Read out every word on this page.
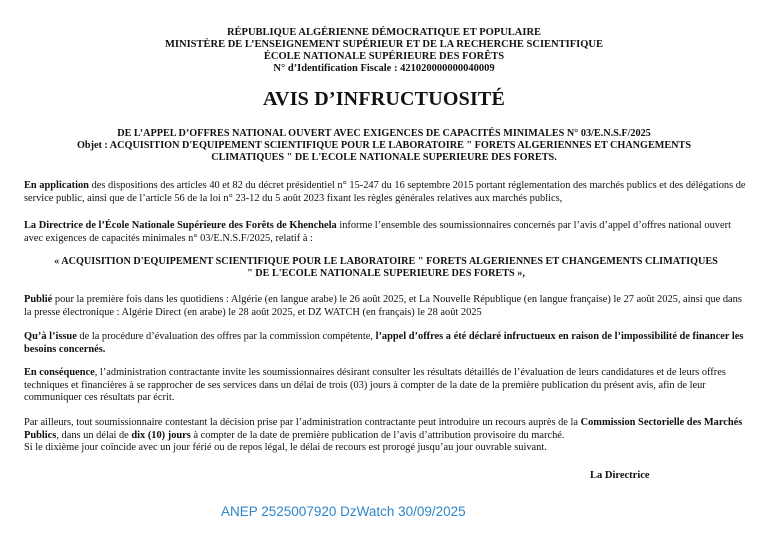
RÉPUBLIQUE ALGÉRIENNE DÉMOCRATIQUE ET POPULAIRE
MINISTÈRE DE L’ENSEIGNEMENT SUPÉRIEUR ET DE LA RECHERCHE SCIENTIFIQUE
ÉCOLE NATIONALE SUPÉRIEURE DES FORÊTS
N° d’Identification Fiscale : 421020000000040009
AVIS D’INFRUCTUOSITÉ
DE L’APPEL D’OFFRES NATIONAL OUVERT AVEC EXIGENCES DE CAPACITÉS MINIMALES N° 03/E.N.S.F/2025
Objet : ACQUISITION D'EQUIPEMENT SCIENTIFIQUE POUR LE LABORATOIRE " FORETS ALGERIENNES ET CHANGEMENTS
CLIMATIQUES " DE L'ECOLE NATIONALE SUPERIEURE DES FORETS.
En application des dispositions des articles 40 et 82 du décret présidentiel n° 15-247 du 16 septembre 2015 portant réglementation des marchés publics et des délégations de service public, ainsi que de l’article 56 de la loi n° 23-12 du 5 août 2023 fixant les règles générales relatives aux marchés publics,
La Directrice de l’École Nationale Supérieure des Forêts de Khenchela informe l’ensemble des soumissionnaires concernés par l’avis d’appel d’offres national ouvert avec exigences de capacités minimales n° 03/E.N.S.F/2025, relatif à :
« ACQUISITION D'EQUIPEMENT SCIENTIFIQUE POUR LE LABORATOIRE " FORETS ALGERIENNES ET CHANGEMENTS CLIMATIQUES
" DE L'ECOLE NATIONALE SUPERIEURE DES FORETS »,
Publié pour la première fois dans les quotidiens : Algérie (en langue arabe) le 26 août 2025, et La Nouvelle République (en langue française) le 27 août 2025, ainsi que dans la presse électronique : Algérie Direct (en arabe) le 28 août 2025, et DZ WATCH (en français) le 28 août 2025
Qu’à l’issue de la procédure d’évaluation des offres par la commission compétente, l’appel d’offres a été déclaré infructueux en raison de l’impossibilité de financer les besoins concernés.
En conséquence, l’administration contractante invite les soumissionnaires désirant consulter les résultats détaillés de l’évaluation de leurs candidatures et de leurs offres techniques et financières à se rapprocher de ses services dans un délai de trois (03) jours à compter de la date de la première publication du présent avis, afin de leur communiquer ces résultats par écrit.
Par ailleurs, tout soumissionnaire contestant la décision prise par l’administration contractante peut introduire un recours auprès de la Commission Sectorielle des Marchés Publics, dans un délai de dix (10) jours à compter de la date de première publication de l’avis d’attribution provisoire du marché.
Si le dixième jour coïncide avec un jour férié ou de repos légal, le délai de recours est prorogé jusqu’au jour ouvrable suivant.
La Directrice
ANEP 2525007920 DzWatch 30/09/2025
